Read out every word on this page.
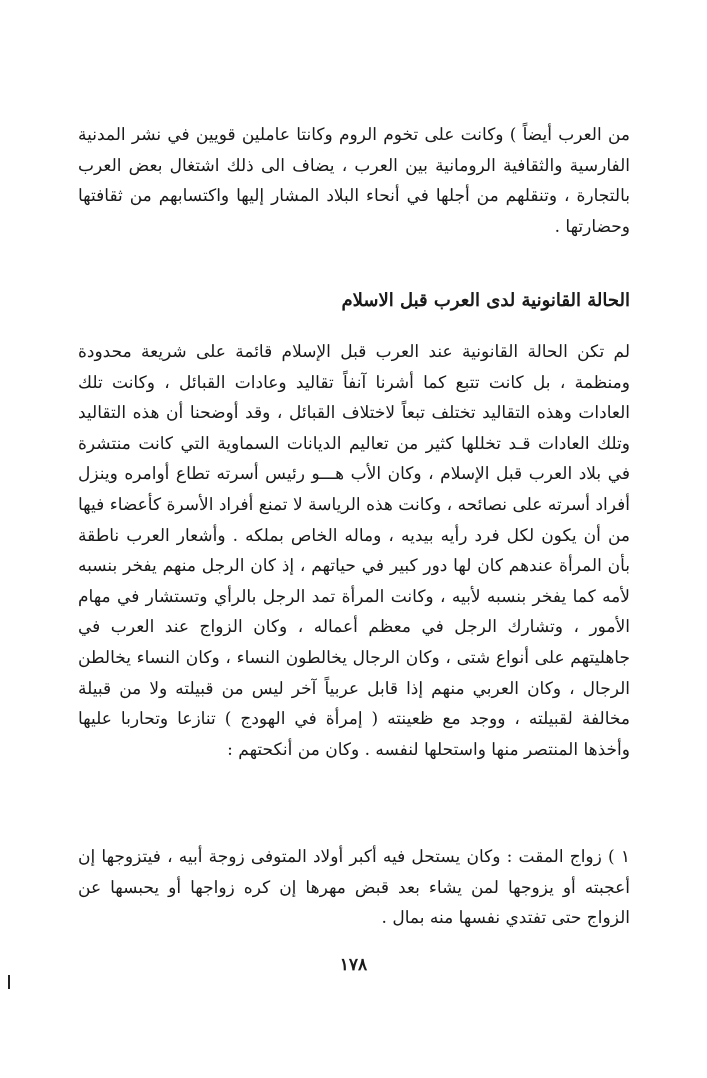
من العرب أيضاً ) وكانت على تخوم الروم وكانتا عاملين قويين في نشر المدنية الفارسية والثقافية الرومانية بين العرب ، يضاف الى ذلك اشتغال بعض العرب بالتجارة ، وتنقلهم من أجلها في أنحاء البلاد المشار إليها واكتسابهم من ثقافتها وحضارتها .

الحالة القانونية لدى العرب قبل الاسلام

لم تكن الحالة القانونية عند العرب قبل الإسلام قائمة على شريعة محدودة ومنظمة ، بل كانت تتبع كما أشرنا آنفاً تقاليد وعادات القبائل ، وكانت تلك العادات وهذه التقاليد تختلف تبعاً لاختلاف القبائل ، وقد أوضحنا أن هذه التقاليد وتلك العادات قـد تخللها كثير من تعاليم الديانات السماوية التي كانت منتشرة في بلاد العرب قبل الإسلام ، وكان الأب هـــو رئيس أسرته تطاع أوامره وينزل أفراد أسرته على نصائحه ، وكانت هذه الرياسة لا تمنع أفراد الأسرة كأعضاء فيها من أن يكون لكل فرد رأيه بيديه ، وماله الخاص بملكه . وأشعار العرب ناطقة بأن المرأة عندهم كان لها دور كبير في حياتهم ، إذ كان الرجل منهم يفخر بنسبه لأمه كما يفخر بنسبه لأبيه ، وكانت المرأة تمد الرجل بالرأي وتستشار في مهام الأمور ، وتشارك الرجل في معظم أعماله ، وكان الزواج عند العرب في جاهليتهم على أنواع شتى ، وكان الرجال يخالطون النساء ، وكان النساء يخالطن الرجال ، وكان العربي منهم إذا قابل عربياً آخر ليس من قبيلته ولا من قبيلة مخالفة لقبيلته ، ووجد مع ظعينته ( إمرأة في الهودج ) تنازعا وتحاربا عليها وأخذها المنتصر منها واستحلها لنفسه . وكان من أنكحتهم :

١ ) زواج المقت : وكان يستحل فيه أكبر أولاد المتوفى زوجة أبيه ، فيتزوجها إن أعجبته أو يزوجها لمن يشاء بعد قبض مهرها إن كره زواجها أو يحبسها عن الزواج حتى تفتدي نفسها منه بمال .

١٧٨
